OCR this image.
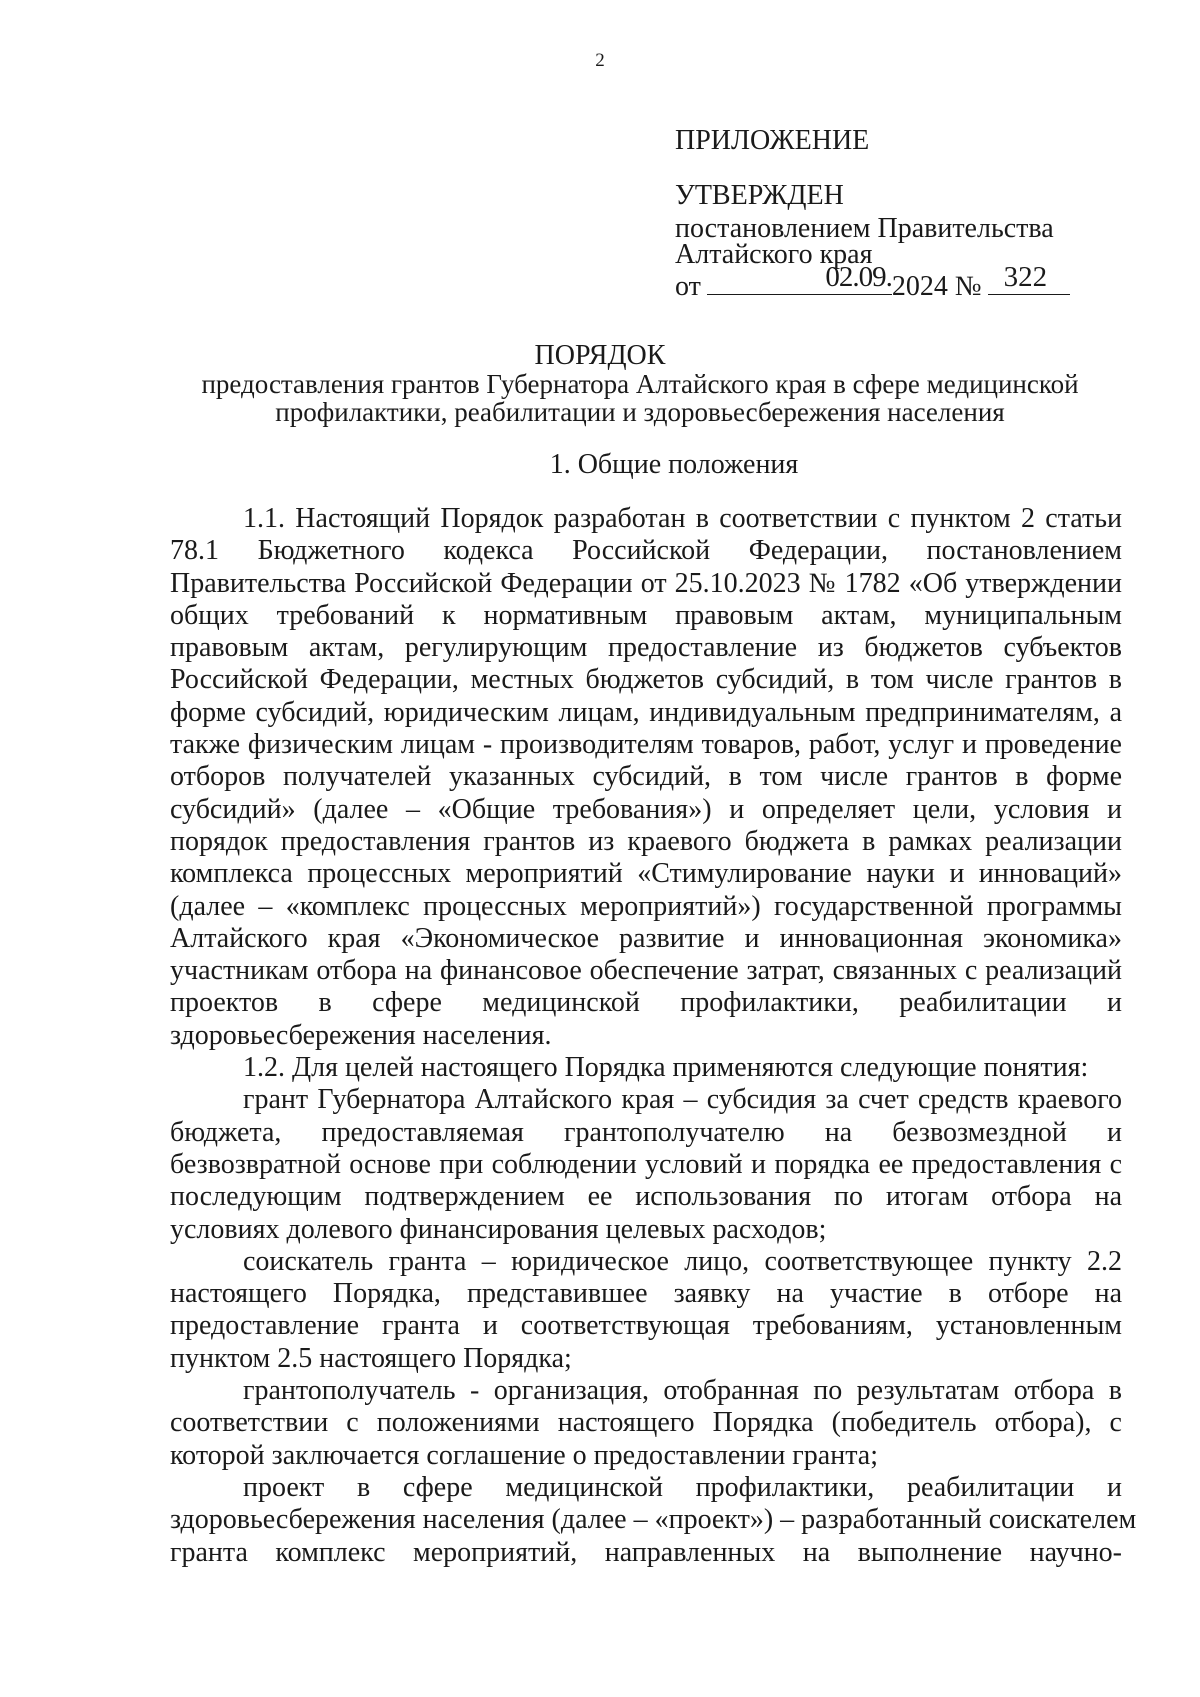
2
ПРИЛОЖЕНИЕ
УТВЕРЖДЕН
постановлением Правительства
Алтайского края
от	02.09. 2024 № 322
ПОРЯДОК
предоставления грантов Губернатора Алтайского края в сфере медицинской
профилактики, реабилитации и здоровьесбережения населения
1. Общие положения
1.1. Настоящий Порядок разработан в соответствии с пунктом 2 статьи
78.1 Бюджетного кодекса Российской Федерации, постановлением
Правительства Российской Федерации от 25.10.2023 № 1782 «Об утверждении
общих требований к нормативным правовым актам, муниципальным
правовым актам, регулирующим предоставление из бюджетов субъектов
Российской Федерации, местных бюджетов субсидий, в том числе грантов в
форме субсидий, юридическим лицам, индивидуальным предпринимателям, а
также физическим лицам - производителям товаров, работ, услуг и проведение
отборов получателей указанных субсидий, в том числе грантов в форме
субсидий» (далее – «Общие требования») и определяет цели, условия и
порядок предоставления грантов из краевого бюджета в рамках реализации
комплекса процессных мероприятий «Стимулирование науки и инноваций»
(далее – «комплекс процессных мероприятий») государственной программы
Алтайского края «Экономическое развитие и инновационная экономика»
участникам отбора на финансовое обеспечение затрат, связанных с реализаций
проектов в сфере медицинской профилактики, реабилитации и
здоровьесбережения населения.
1.2. Для целей настоящего Порядка применяются следующие понятия:
грант Губернатора Алтайского края – субсидия за счет средств краевого
бюджета, предоставляемая грантополучателю на безвозмездной и
безвозвратной основе при соблюдении условий и порядка ее предоставления с
последующим подтверждением ее использования по итогам отбора на
условиях долевого финансирования целевых расходов;
соискатель гранта – юридическое лицо, соответствующее пункту 2.2
настоящего Порядка, представившее заявку на участие в отборе на
предоставление гранта и соответствующая требованиям, установленным
пунктом 2.5 настоящего Порядка;
грантополучатель - организация, отобранная по результатам отбора в
соответствии с положениями настоящего Порядка (победитель отбора), с
которой заключается соглашение о предоставлении гранта;
проект в сфере медицинской профилактики, реабилитации и
здоровьесбережения населения (далее – «проект») – разработанный соискателем
гранта комплекс мероприятий, направленных на выполнение научно-
